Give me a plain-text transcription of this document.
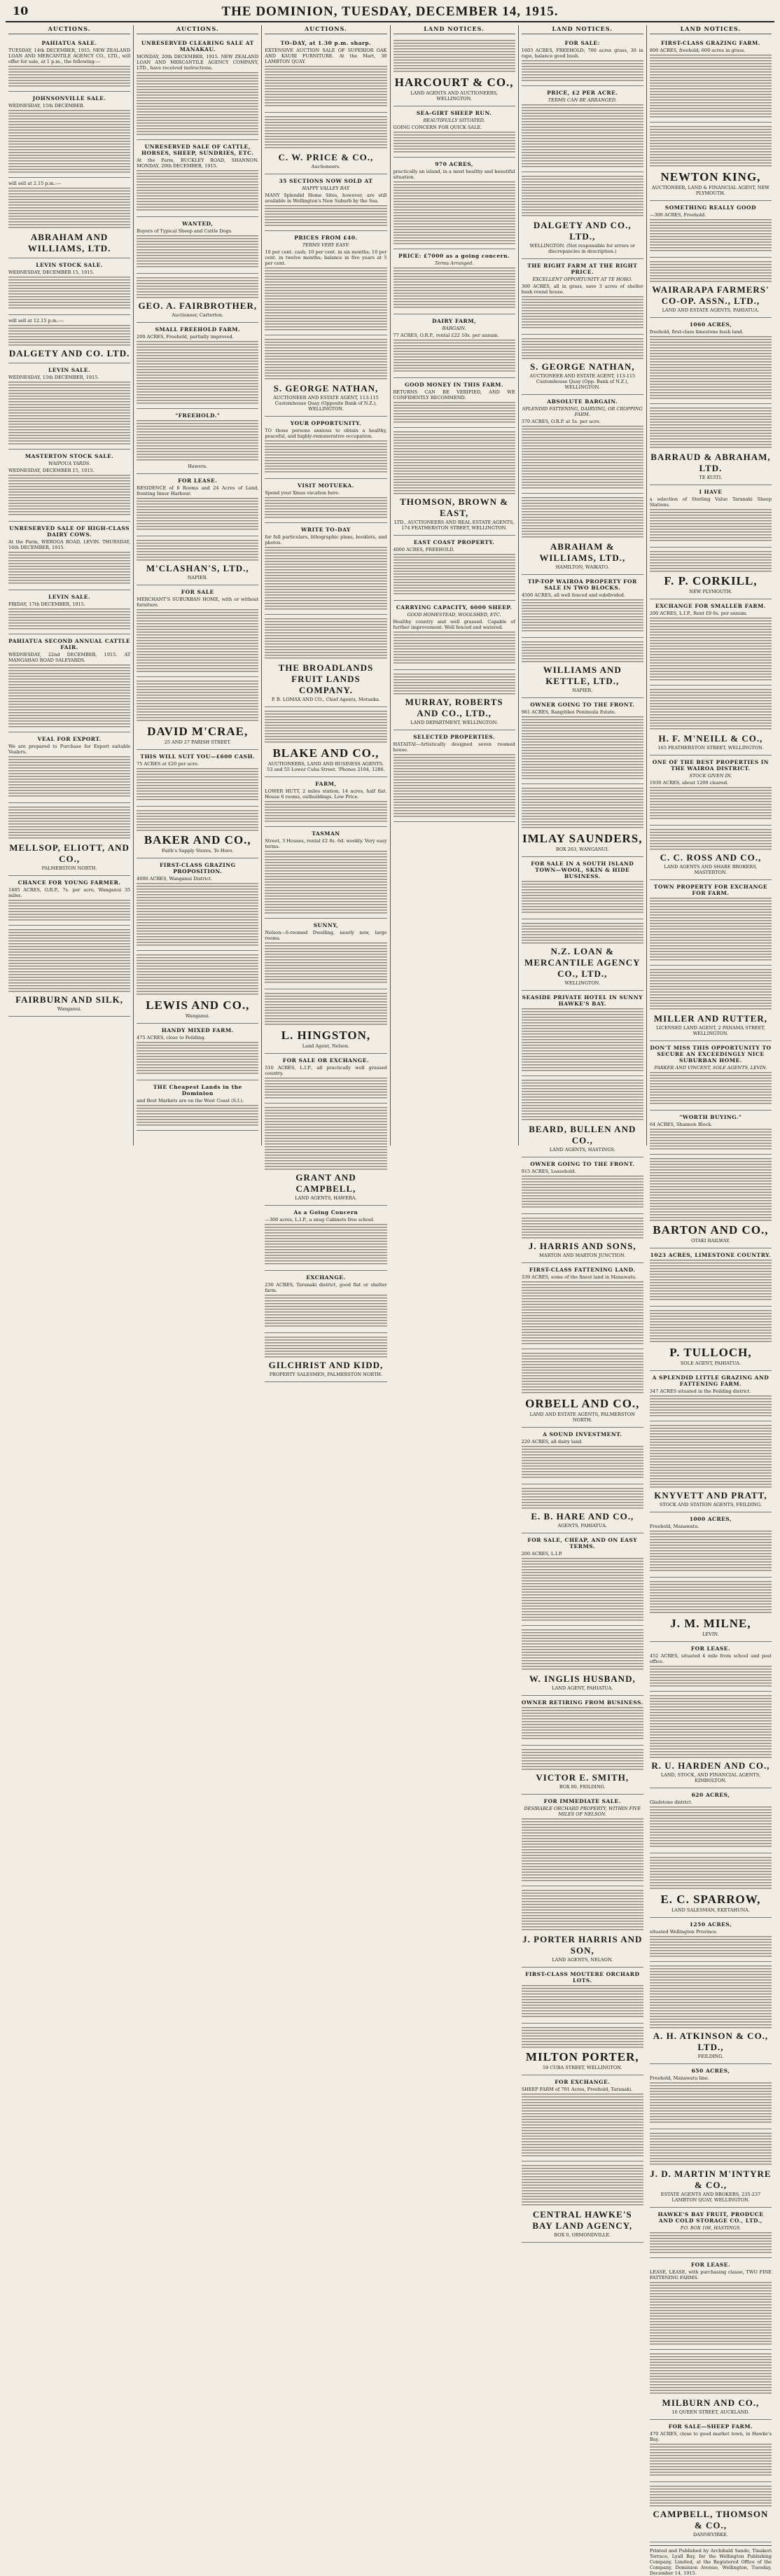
10	THE DOMINION, TUESDAY, DECEMBER 14, 1915.
AUCTIONS.
PAHIATUA SALE.
TUESDAY, 14th DECEMBER, 1915. NEW ZEALAND LOAN AND MERCANTILE AGENCY CO., LTD., will offer for sale, at 1 p.m., the following:—
JOHNSONVILLE SALE.
WEDNESDAY, 15th DECEMBER.
will sell at 2.15 p.m.:—
ABRAHAM AND WILLIAMS, LTD.
LEVIN STOCK SALE.
WEDNESDAY, DECEMBER 15, 1915.
will sell at 12.15 p.m.:—
DALGETY AND CO. LTD.
LEVIN SALE.
WEDNESDAY, 15th DECEMBER, 1915.
MASTERTON STOCK SALE.
WAIPOUA YARDS.
WEDNESDAY, DECEMBER 15, 1915.
UNRESERVED SALE OF HIGH-CLASS DAIRY COWS.
At the Farm, WEROGA ROAD, LEVIN. THURSDAY, 16th DECEMBER, 1915.
LEVIN SALE.
FRIDAY, 17th DECEMBER, 1915.
PAHIATUA SECOND ANNUAL CATTLE FAIR.
WEDNESDAY, 22nd DECEMBER, 1915. AT MANGAHAO ROAD SALEYARDS.
VEAL FOR EXPORT.
We are prepared to Purchase for Export suitable Vealers.
MELLSOP, ELIOTT, AND CO.,
PALMERSTON NORTH.
CHANCE FOR YOUNG FARMER.
1485 ACRES, O.R.P., 7s. per acre, Wanganui 35 miles.
FAIRBURN AND SILK,
Wanganui.
AUCTIONS.
UNRESERVED CLEARING SALE AT MANAKAU.
MONDAY, 20th DECEMBER, 1915. NEW ZEALAND LOAN AND MERCANTILE AGENCY COMPANY, LTD., have received instructions.
UNRESERVED SALE OF CATTLE, HORSES, SHEEP, SUNDRIES, ETC.
At the Farm, BUCKLEY ROAD, SHANNON. MONDAY, 20th DECEMBER, 1915.
WANTED,
Buyers of Typical Sheep and Cattle Dogs.
GEO. A. FAIRBROTHER,
Auctioneer, Carterton.
SMALL FREEHOLD FARM.
200 ACRES, Freehold, partially improved.
"FREEHOLD."
Hawera.
FOR LEASE.
RESIDENCE of 8 Rooms and 24 Acres of Land, fronting Inner Harbour.
M'CLASHAN'S, LTD.,
NAPIER.
FOR SALE
MERCHANT'S SUBURBAN HOME, with or without furniture.
DAVID M'CRAE,
25 AND 27 PARISH STREET.
THIS WILL SUIT YOU—£600 CASH.
75 ACRES at £20 per acre.
BAKER AND CO.,
Faith's Supply Stores, Te Horo.
FIRST-CLASS GRAZING PROPOSITION.
4000 ACRES, Wanganui District.
LEWIS AND CO.,
Wanganui.
HANDY MIXED FARM.
475 ACRES, close to Feilding.
THE Cheapest Lands in the Dominion
and Best Markets are on the West Coast (S.I.).
AUCTIONS.
TO-DAY, at 1.30 p.m. sharp.
EXTENSIVE AUCTION SALE OF SUPERIOR OAK AND KAURI FURNITURE. At the Mart, 30 LAMBTON QUAY.
C. W. PRICE & CO.,
Auctioneers.
35 SECTIONS NOW SOLD AT
HAPPY VALLEY BAY
MANY Splendid Home Sites, however, are still available in Wellington's New Suburb by the Sea.
PRICES FROM £40.
TERMS VERY EASY:
10 per cent. cash; 10 per cent. in six months; 10 per cent. in twelve months; balance in five years at 5 per cent.
S. GEORGE NATHAN,
AUCTIONEER AND ESTATE AGENT, 113-115 Customhouse Quay (Opposite Bank of N.Z.), WELLINGTON.
YOUR OPPORTUNITY.
TO those persons anxious to obtain a healthy, peaceful, and highly-remunerative occupation.
VISIT MOTUEKA.
Spend your Xmas vacation here.
WRITE TO-DAY
for full particulars, lithographic plans, booklets, and photos.
THE BROADLANDS FRUIT LANDS COMPANY.
P. B. LOMAX AND CO., Chief Agents, Motueka.
BLAKE AND CO.,
AUCTIONEERS, LAND AND BUSINESS AGENTS. 53 and 55 Lower Cuba Street. 'Phones 2104, 1286.
FARM,
LOWER HUTT, 2 miles station, 14 acres, half flat. House 6 rooms, outbuildings. Low Price.
TASMAN
Street, 3 Houses, rental £2 8s. 6d. weekly. Very easy terms.
SUNNY,
Nelson—6-roomed Dwelling, nearly new, large rooms.
L. HINGSTON,
Land Agent, Nelson.
FOR SALE OR EXCHANGE.
510 ACRES, L.I.P., all practically well grassed country.
GRANT AND CAMPBELL,
LAND AGENTS, HAWERA.
As a Going Concern
—300 acres, L.I.P., a snug Cabinets free school.
EXCHANGE.
230 ACRES, Taranaki district, good flat or shelter farm.
GILCHRIST AND KIDD,
PROPERTY SALESMEN, PALMERSTON NORTH.
LAND NOTICES.
HARCOURT & CO.,
LAND AGENTS AND AUCTIONEERS, WELLINGTON.
SEA-GIRT SHEEP RUN.
BEAUTIFULLY SITUATED.
GOING CONCERN FOR QUICK SALE.
970 ACRES,
practically an island, in a most healthy and beautiful situation.
PRICE: £7000 as a going concern.
Terms Arranged.
DAIRY FARM,
BARGAIN.
77 ACRES, O.R.P., rental £22 10s. per annum.
GOOD MONEY IN THIS FARM.
RETURNS CAN BE VERIFIED, AND WE CONFIDENTLY RECOMMEND.
THOMSON, BROWN & EAST,
LTD., AUCTIONEERS AND REAL ESTATE AGENTS, 174 FEATHERSTON STREET, WELLINGTON.
EAST COAST PROPERTY.
4000 ACRES, FREEHOLD.
CARRYING CAPACITY, 6000 SHEEP.
GOOD HOMESTEAD, WOOLSHED, ETC.
Healthy country and well grassed. Capable of further improvement. Well fenced and watered.
MURRAY, ROBERTS AND CO., LTD.,
LAND DEPARTMENT, WELLINGTON.
SELECTED PROPERTIES.
HATAITAI—Artistically designed seven roomed house.
LAND NOTICES.
FOR SALE:
1603 ACRES, FREEHOLD; 700 acres grass, 30 in rape, balance good bush.
PRICE, £2 PER ACRE.
TERMS CAN BE ARRANGED.
DALGETY AND CO., LTD.,
WELLINGTON. (Not responsible for errors or discrepancies in description.)
THE RIGHT FARM AT THE RIGHT PRICE.
EXCELLENT OPPORTUNITY AT TE HORO.
300 ACRES, all in grass, save 3 acres of shelter bush round house.
S. GEORGE NATHAN,
AUCTIONEER AND ESTATE AGENT, 113-115 Customhouse Quay (Opp. Bank of N.Z.), WELLINGTON.
ABSOLUTE BARGAIN.
SPLENDID FATTENING, DAIRYING, OR CROPPING FARM.
370 ACRES, O.R.P. at 5s. per acre.
ABRAHAM & WILLIAMS, LTD.,
HAMILTON, WAIKATO.
TIP-TOP WAIROA PROPERTY FOR SALE IN TWO BLOCKS.
4500 ACRES, all well fenced and subdivided.
WILLIAMS AND KETTLE, LTD.,
NAPIER.
OWNER GOING TO THE FRONT.
961 ACRES, Rangitikei Peninsula Estate.
IMLAY SAUNDERS,
BOX 263, WANGANUI.
FOR SALE IN A SOUTH ISLAND TOWN—WOOL, SKIN & HIDE BUSINESS.
N.Z. LOAN & MERCANTILE AGENCY CO., LTD.,
WELLINGTON.
SEASIDE PRIVATE HOTEL IN SUNNY HAWKE'S BAY.
BEARD, BULLEN AND CO.,
LAND AGENTS, HASTINGS.
OWNER GOING TO THE FRONT.
915 ACRES, Leasehold.
J. HARRIS AND SONS,
MARTON AND MARTON JUNCTION.
FIRST-CLASS FATTENING LAND.
339 ACRES, some of the finest land in Manawatu.
ORBELL AND CO.,
LAND AND ESTATE AGENTS, PALMERSTON NORTH.
A SOUND INVESTMENT.
220 ACRES, all dairy land.
E. B. HARE AND CO.,
AGENTS, PAHIATUA.
FOR SALE, CHEAP, AND ON EASY TERMS.
200 ACRES, L.I.P.
W. INGLIS HUSBAND,
LAND AGENT, PAHIATUA.
OWNER RETIRING FROM BUSINESS.
VICTOR E. SMITH,
BOX 80, FEILDING.
FOR IMMEDIATE SALE.
DESIRABLE ORCHARD PROPERTY, WITHIN FIVE MILES OF NELSON.
J. PORTER HARRIS AND SON,
LAND AGENTS, NELSON.
FIRST-CLASS MOUTERE ORCHARD LOTS.
MILTON PORTER,
59 CUBA STREET, WELLINGTON.
FOR EXCHANGE.
SHEEP FARM of 701 Acres, Freehold, Taranaki.
CENTRAL HAWKE'S BAY LAND AGENCY,
BOX 9, ORMONDVILLE.
LAND NOTICES.
FIRST-CLASS GRAZING FARM.
800 ACRES, freehold; 600 acres in grass.
NEWTON KING,
AUCTIONEER, LAND & FINANCIAL AGENT, NEW PLYMOUTH.
SOMETHING REALLY GOOD
—300 ACRES, Freehold.
WAIRARAPA FARMERS' CO-OP. ASSN., LTD.,
LAND AND ESTATE AGENTS, PAHIATUA.
1060 ACRES,
freehold, first-class limestone bush land.
BARRAUD & ABRAHAM, LTD.
TE KUITI.
I HAVE
a selection of Sterling Value Taranaki Sheep Stations.
F. P. CORKILL,
NEW PLYMOUTH.
EXCHANGE FOR SMALLER FARM.
200 ACRES, L.I.P., Rent £9 6s. per annum.
H. F. M'NEILL & CO.,
165 FEATHERSTON STREET, WELLINGTON.
ONE OF THE BEST PROPERTIES IN THE WAIROA DISTRICT.
STOCK GIVEN IN.
1930 ACRES, about 1200 cleared.
C. C. ROSS AND CO.,
LAND AGENTS AND SHARE BROKERS, MASTERTON.
TOWN PROPERTY FOR EXCHANGE FOR FARM.
MILLER AND RUTTER,
LICENSED LAND AGENT, 2 PANAMA STREET, WELLINGTON.
DON'T MISS THIS OPPORTUNITY TO SECURE AN EXCEEDINGLY NICE SUBURBAN HOME.
PARKER AND VINCENT, SOLE AGENTS, LEVIN.
"WORTH BUYING."
64 ACRES, Shannon Block.
BARTON AND CO.,
OTAKI RAILWAY.
1023 ACRES, LIMESTONE COUNTRY.
P. TULLOCH,
SOLE AGENT, PAHIATUA.
A SPLENDID LITTLE GRAZING AND FATTENING FARM.
347 ACRES situated in the Feilding district.
KNYVETT AND PRATT,
STOCK AND STATION AGENTS, FEILDING.
1000 ACRES,
Freehold, Manawatu.
J. M. MILNE,
LEVIN.
FOR LEASE.
452 ACRES, situated 4 mile from school and post office.
R. U. HARDEN AND CO.,
LAND, STOCK, AND FINANCIAL AGENTS, KIMBOLTON.
620 ACRES,
Gladstone district.
E. C. SPARROW,
LAND SALESMAN, EKETAHUNA.
1250 ACRES,
situated Wellington Province.
A. H. ATKINSON & CO., LTD.,
FEILDING.
650 ACRES,
Freehold, Manawatu line.
J. D. MARTIN M'INTYRE & CO.,
ESTATE AGENTS AND BROKERS, 235-237 LAMBTON QUAY, WELLINGTON.
HAWKE'S BAY FRUIT, PRODUCE AND COLD STORAGE CO., LTD.,
P.O. BOX 108, HASTINGS.
FOR LEASE.
LEASE, LEASE, with purchasing clause, TWO FINE FATTENING FARMS.
MILBURN AND CO.,
16 QUEEN STREET, AUCKLAND.
FOR SALE—SHEEP FARM.
470 ACRES, close to good market town, in Hawke's Bay.
CAMPBELL, THOMSON & CO.,
DANNEVIRKE.
Printed and Published by Archibald Sando, Tinakori Terrace, Lyall Bay, for the Wellington Publishing Company, Limited, at the Registered Office of the Company, Dominion Avenue, Wellington, Tuesday, December 14, 1915.
